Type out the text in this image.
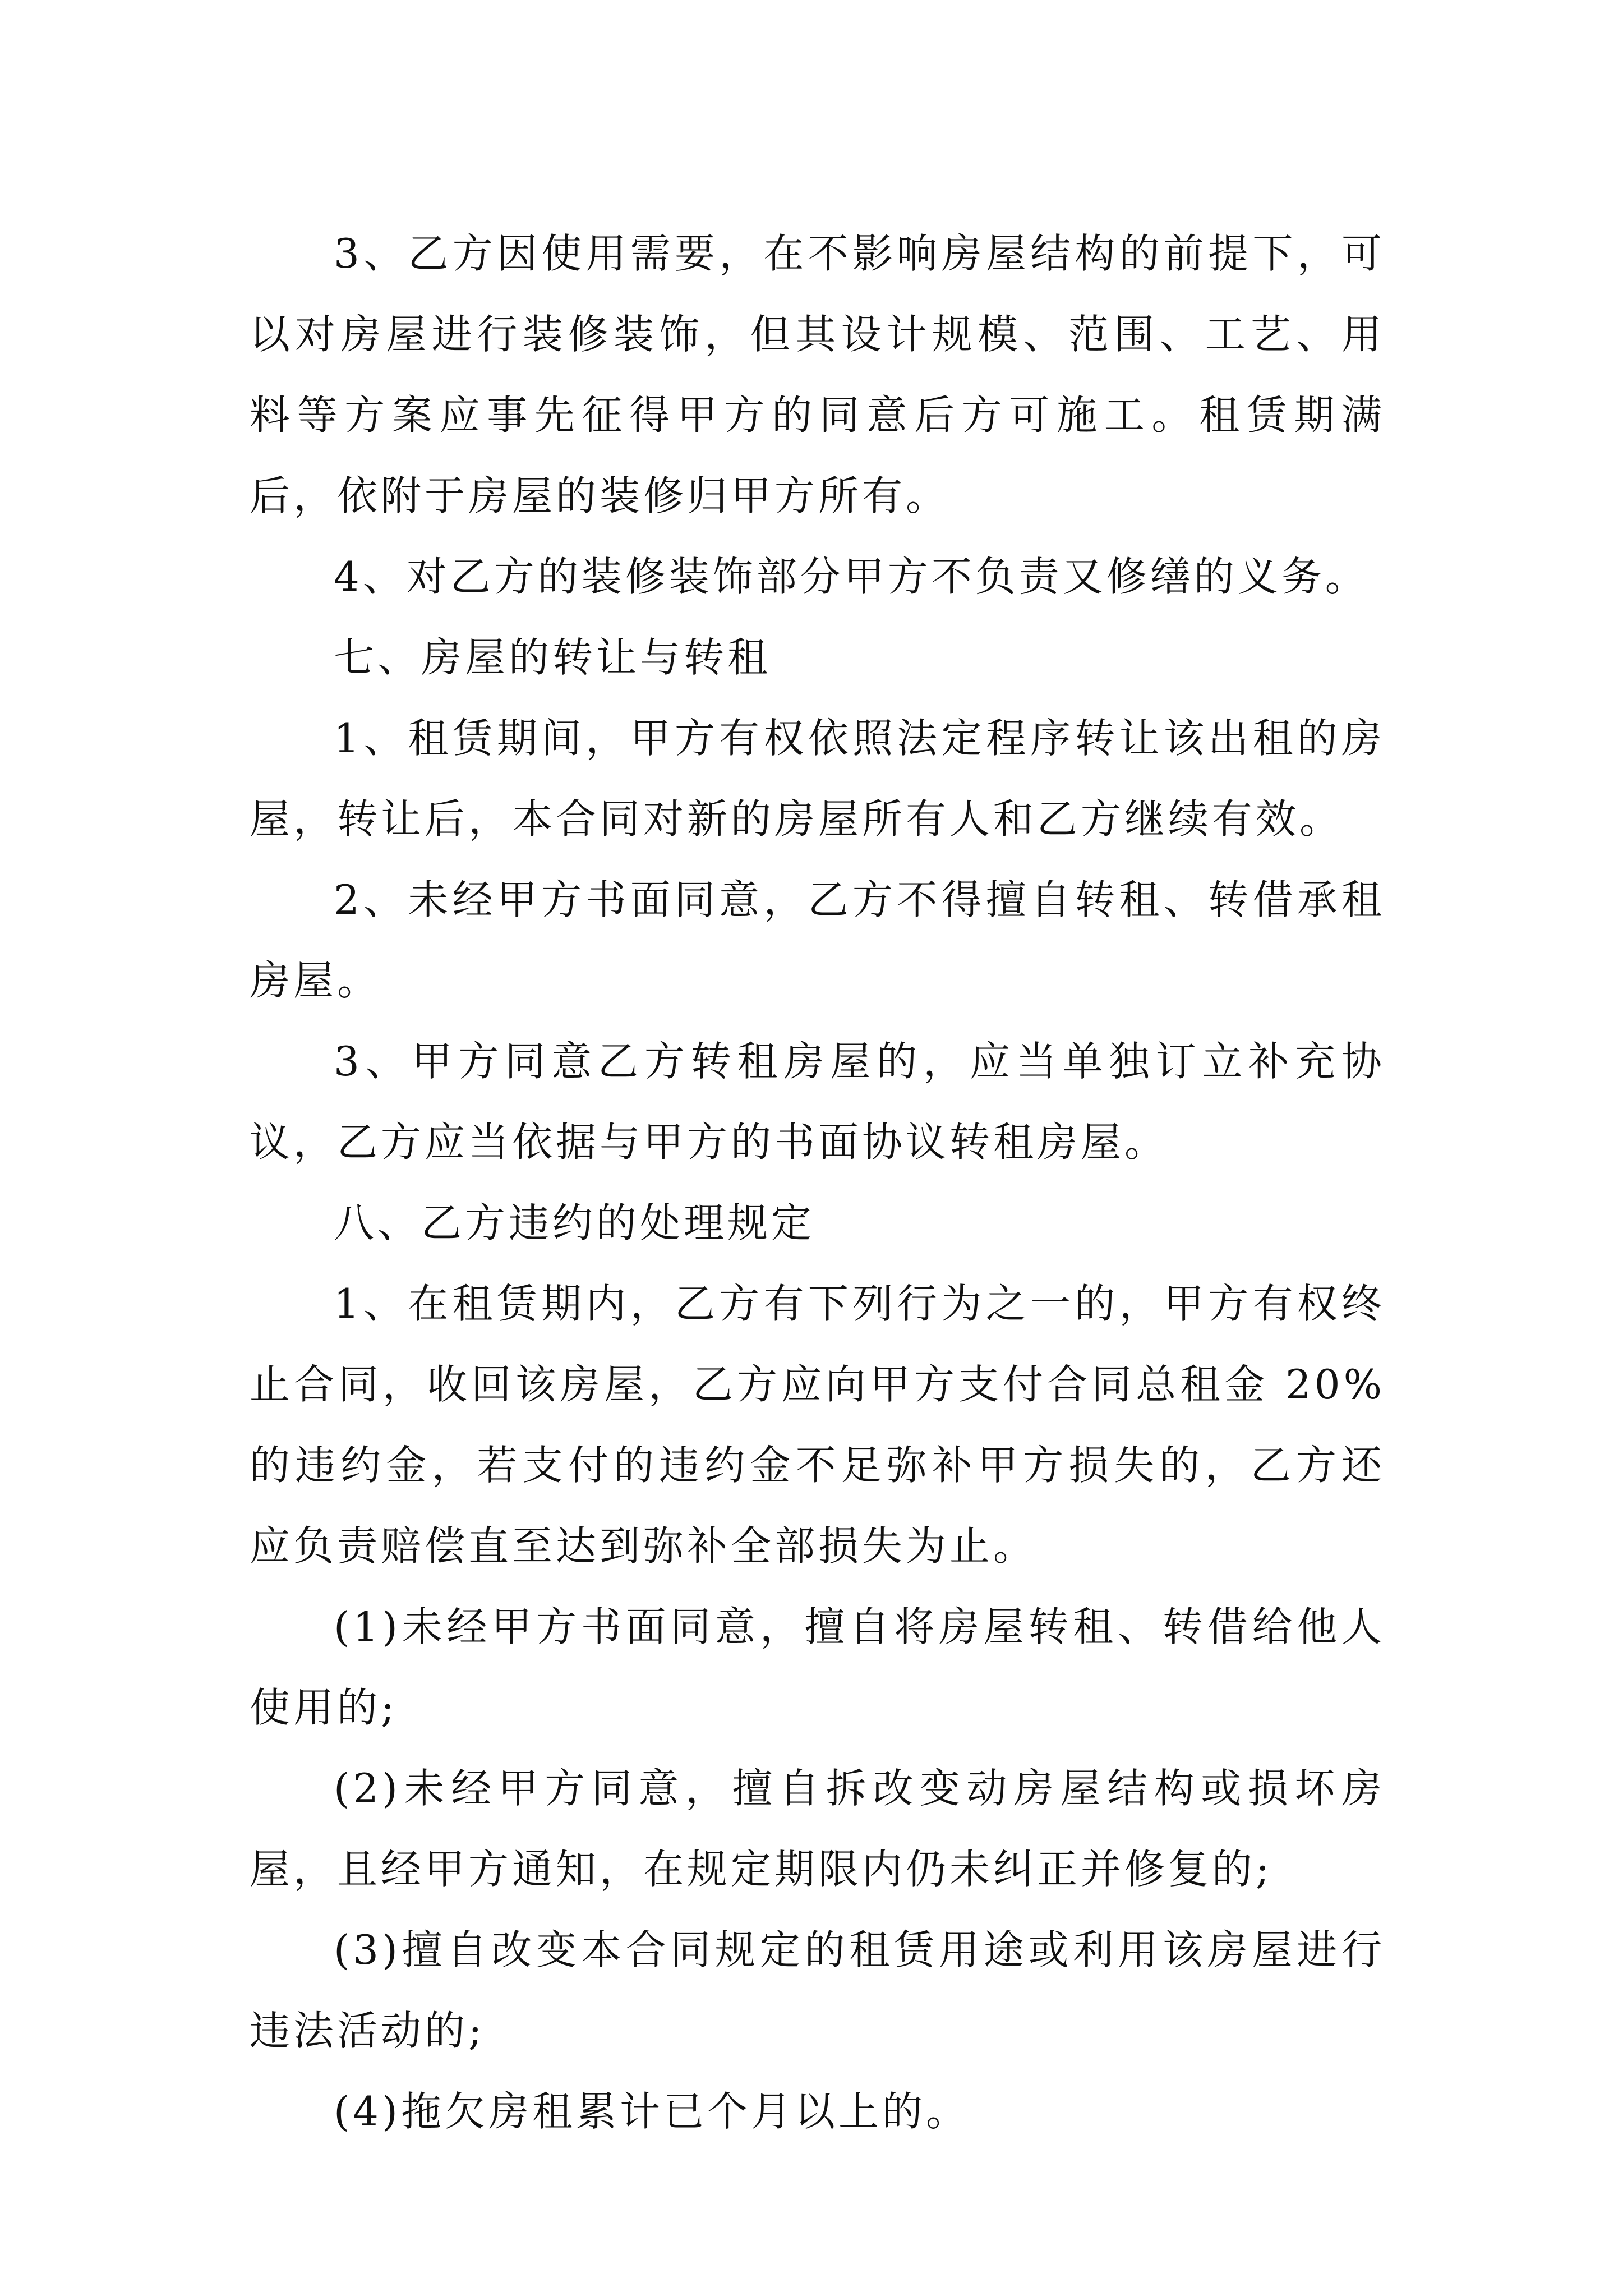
3、乙方因使用需要，在不影响房屋结构的前提下，可以对房屋进行装修装饰，但其设计规模、范围、工艺、用料等方案应事先征得甲方的同意后方可施工。租赁期满后，依附于房屋的装修归甲方所有。

4、对乙方的装修装饰部分甲方不负责又修缮的义务。

七、房屋的转让与转租

1、租赁期间，甲方有权依照法定程序转让该出租的房屋，转让后，本合同对新的房屋所有人和乙方继续有效。

2、未经甲方书面同意，乙方不得擅自转租、转借承租房屋。

3、甲方同意乙方转租房屋的，应当单独订立补充协议，乙方应当依据与甲方的书面协议转租房屋。

八、乙方违约的处理规定

1、在租赁期内，乙方有下列行为之一的，甲方有权终止合同，收回该房屋，乙方应向甲方支付合同总租金 20%的违约金，若支付的违约金不足弥补甲方损失的，乙方还应负责赔偿直至达到弥补全部损失为止。

(1)未经甲方书面同意，擅自将房屋转租、转借给他人使用的;

(2)未经甲方同意，擅自拆改变动房屋结构或损坏房屋，且经甲方通知，在规定期限内仍未纠正并修复的;

(3)擅自改变本合同规定的租赁用途或利用该房屋进行违法活动的;

(4)拖欠房租累计已个月以上的。
